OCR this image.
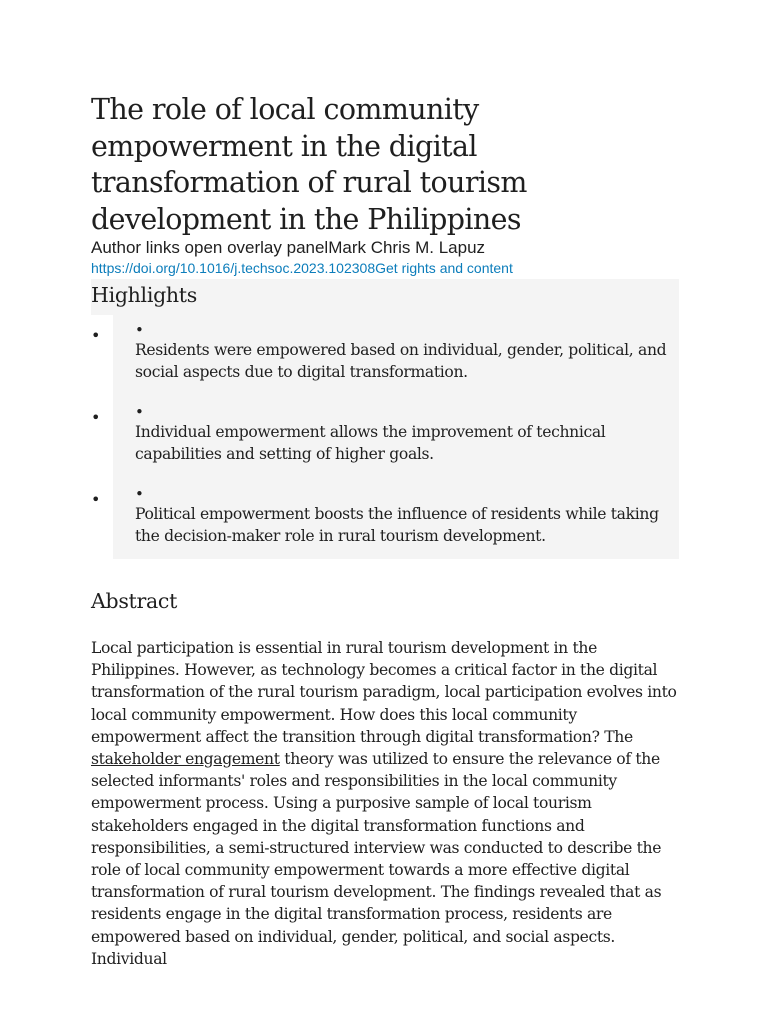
The role of local community empowerment in the digital transformation of rural tourism development in the Philippines

Author links open overlay panelMark Chris M. Lapuz

https://doi.org/10.1016/j.techsoc.2023.102308Get rights and content

Highlights
•	•
Residents were empowered based on individual, gender, political, and social aspects due to digital transformation.
•	•
Individual empowerment allows the improvement of technical capabilities and setting of higher goals.
•	•
Political empowerment boosts the influence of residents while taking the decision-maker role in rural tourism development.
Abstract

Local participation is essential in rural tourism development in the Philippines. However, as technology becomes a critical factor in the digital transformation of the rural tourism paradigm, local participation evolves into local community empowerment. How does this local community empowerment affect the transition through digital transformation? The stakeholder engagement theory was utilized to ensure the relevance of the selected informants' roles and responsibilities in the local community empowerment process. Using a purposive sample of local tourism stakeholders engaged in the digital transformation functions and responsibilities, a semi-structured interview was conducted to describe the role of local community empowerment towards a more effective digital transformation of rural tourism development. The findings revealed that as residents engage in the digital transformation process, residents are empowered based on individual, gender, political, and social aspects. Individual
